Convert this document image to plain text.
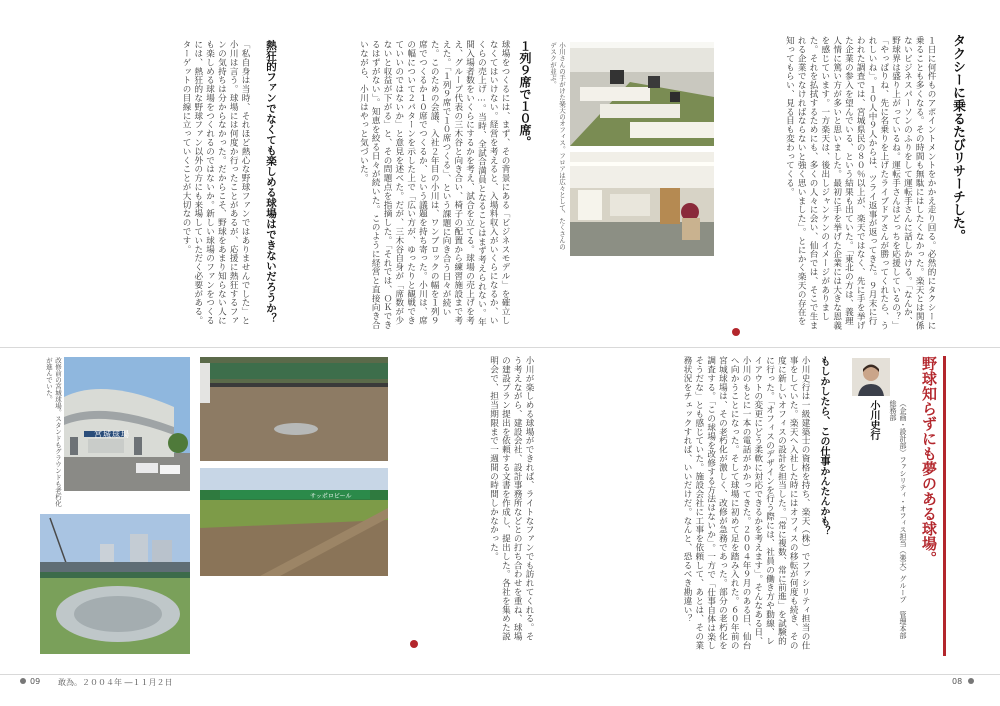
タクシーに乗るたびリサーチした。
１日に何件ものアポイントメントをかかえ走り回る。必然的にタクシーに乗ることも多くなる。その時間も無駄にはしたくなかった。楽天とは関係ないビジネスパーソンのふりをして運転手さんに話しかける。「なんか、野球界は盛り上がっているね。運転手さんはどっちを応援しているの？」「やっぱりね、先に名乗りを上げたライブドアさんが勝ってくれたら、うれしいね」。１０人中９人からは、ツライ返事が返ってきた。９月末に行われた調査では、宮城県民の８０％以上が、楽天ではなく、先に手を挙げた企業の参入を望んでいる、という結果も出ていた。「東北の方は、義理人情に篤い方が多いと思いました。最初に手を挙げた企業には大きな恩義を感じています。一方楽天は、後出しジャンケンのイメージがありました。それを払拭するためにも、多くの人々に会い、仙台では、そこで生まれる企業でなければならないと強く思いました」。とにかく楽天の存在を知ってもらい、見る目も変わってくる。
小川さんの手がけた楽天のオフィス。フロアは広々として、たくさんのデスクが並ぶ。
１列９席で１０席。
球場をつくるには、まず、その背景にある「ビジネスモデル」を確立しなくてはいけない。経営を考えると、入場料収入がいくらになるか、いくらの売上げ…。当時、全試合満員となることはまず考えられない。年間入場者数をいくらにするかを考え、試合を立てる。球場の売上げを考え、グループ代表の三木谷と向き合い、椅子の配置から練習施設まで考えた。「１列９席で１０席つくる」、という課題に向き合う日々が続いた。このための会議、入社２年目の小川は、ワンブロックの幅を１列９席でつくるか１０席でつくるか、という議題を持ち寄った。小川は、席の幅について２パターンを示した上で「広い方が、ゆったりと観戦できていいのではないか」と意見を述べた。だが、三木谷自身が「席数が少ないと収益が下がる」と、その問題点を指摘した。「それでは、ＯＫできるはずがない」。知恵を絞る日々が続いた。このように経営と直接向き合いながら、小川はやっと気づいた。
熱狂的ファンでなくても楽しめる球場はできないだろうか？
「私自身は当時、それほど熱心な野球ファンではありませんでした」と小川は言う。球場には何度か行ったことがあるが、応援に熱狂するファンの気持ちは分からなかった。だからこそ、野球をあまり知らない人にも楽しめる球場をつくれるのではないか。新しい球場のファンをつくるには、熱狂的な野球ファン以外の方にも来場していただく必要がある。ターゲットの目線に立っていくことが大切なのです。
野球知らずにも夢のある球場。
（企画・設計部）ファシリティ・オフィス担当（楽天）グループ 管理本部 総務部
小川史行
もしかしたら、この仕事かんたんかも？
小川史行は一級建築士の資格を持ち、楽天（株）でファシリティ担当の仕事をしていた。楽天へ入社した時にはオフィスの移転が何度も続き、その度に新しいオフィスの設計を担当した。「常に複数、常に前進」を試験的に行った。「オフィスのデザインを行う際には、社員の働き方や動線、レイアウトの変更にどう柔軟に対応できるかを考えます」。そんなある日、小川のもとに一本の電話がかかってきた。２００４年９月のある日、仙台へ向かうことになった。そして球場に初めて足を踏み入れた。６０年前の宮城球場は、その老朽化が激しく、改修が急務であった。部分の老朽化を調査する。「この球場を改修する方法はないか」。一方で「仕事自体は楽しそうだな」とも感じていた。施設会社に工事を依頼して、あとは、その業務状況をチェックすれば、いいだけだ。なんと、恐るべき勘違い？
小川が楽しめる球場ができれば、ライトなファンでも訪れてくれる。そう考えながら、建設会社、設計事務所などとの打ち合わせを重ね、球場の建設プラン提出を依頼する文書を作成し、提出した。各社を集めた説明会で、担当期限まで一週間の時間しかなかった。
宮城球場
サッポロビール
改修前の宮城球場。スタンドもグラウンドも老朽化が進んでいた。
09 敢為。２００４年 ―１１月２日	08
